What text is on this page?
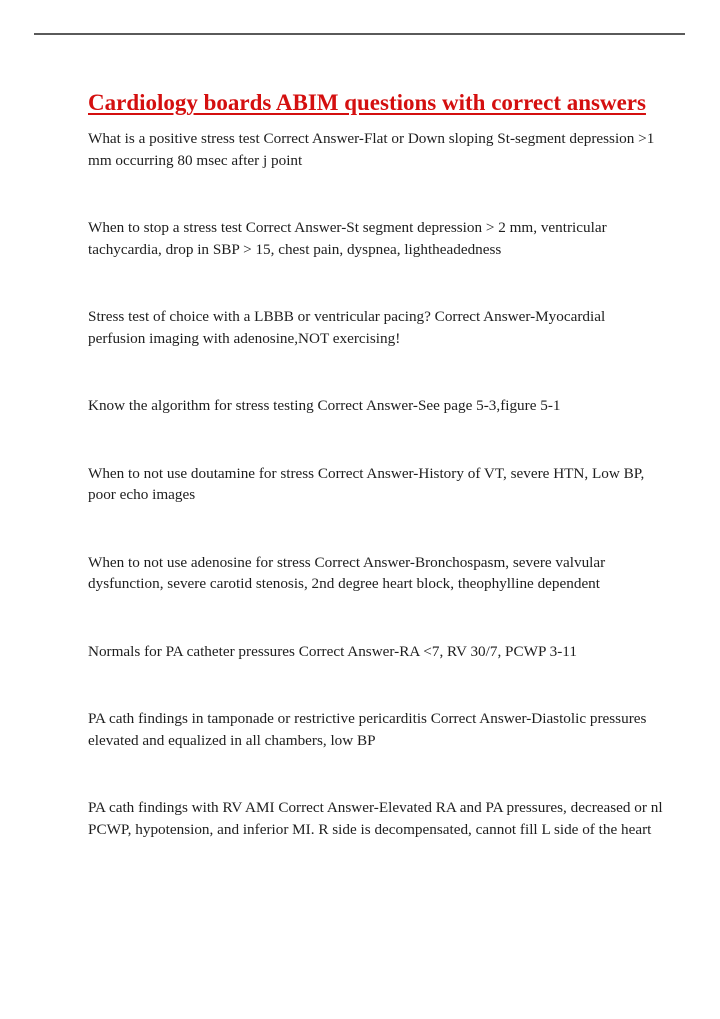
Cardiology boards ABIM questions with correct answers

What is a positive stress test Correct Answer-Flat or Down sloping St-segment depression >1 mm occurring 80 msec after j point

When to stop a stress test Correct Answer-St segment depression > 2 mm, ventricular tachycardia, drop in SBP > 15, chest pain, dyspnea, lightheadedness

Stress test of choice with a LBBB or ventricular pacing? Correct Answer-Myocardial perfusion imaging with adenosine,NOT exercising!

Know the algorithm for stress testing Correct Answer-See page 5-3,figure 5-1

When to not use doutamine for stress Correct Answer-History of VT, severe HTN, Low BP, poor echo images

When to not use adenosine for stress Correct Answer-Bronchospasm, severe valvular dysfunction, severe carotid stenosis, 2nd degree heart block, theophylline dependent

Normals for PA catheter pressures Correct Answer-RA <7, RV 30/7, PCWP 3-11

PA cath findings in tamponade or restrictive pericarditis Correct Answer-Diastolic pressures elevated and equalized in all chambers, low BP

PA cath findings with RV AMI Correct Answer-Elevated RA and PA pressures, decreased or nl PCWP, hypotension, and inferior MI. R side is decompensated, cannot fill L side of the heart
